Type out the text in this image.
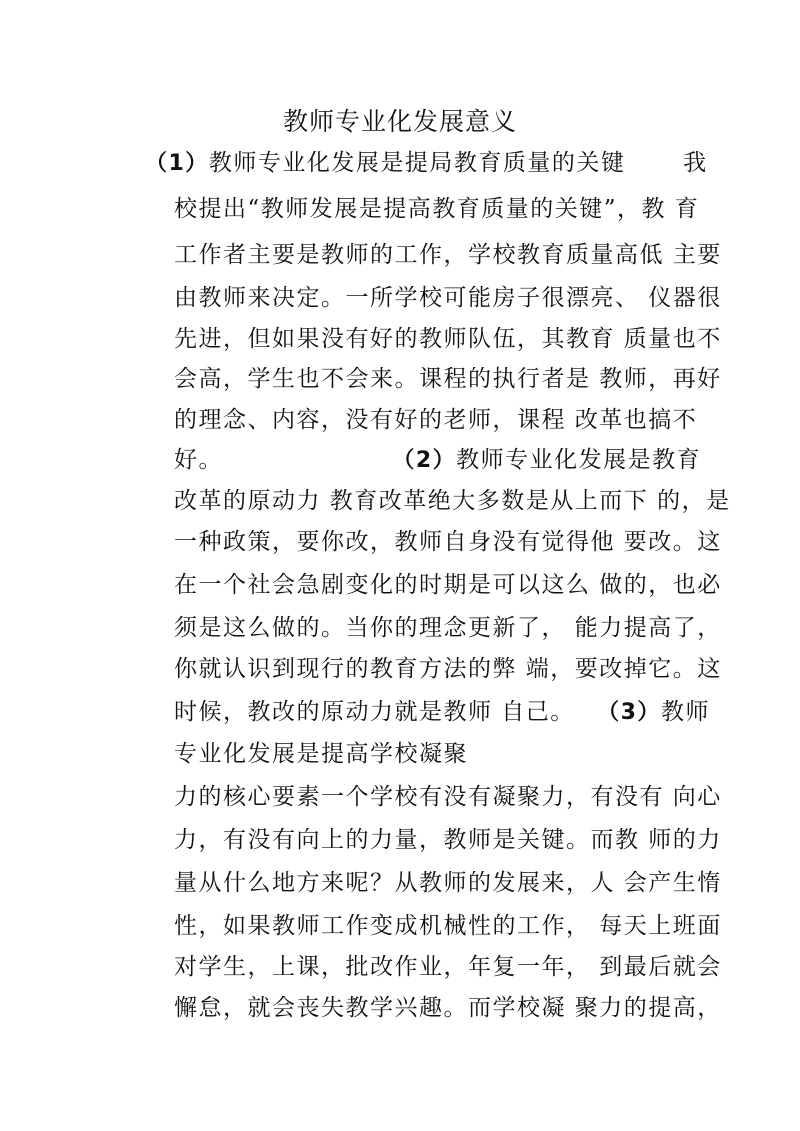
教师专业化发展意义
（1）教师专业化发展是提局教育质量的关键 　　我
校提出“教师发展是提高教育质量的关键”，教 育
工作者主要是教师的工作，学校教育质量高低 主要
由教师来决定。一所学校可能房子很漂亮、 仪器很
先进，但如果没有好的教师队伍，其教育 质量也不
会高，学生也不会来。课程的执行者是 教师，再好
的理念、内容，没有好的老师，课程 改革也搞不
好。 　　　　　　　（2）教师专业化发展是教育
改革的原动力 教育改革绝大多数是从上而下 的，是
一种政策，要你改，教师自身没有觉得他 要改。这
在一个社会急剧变化的时期是可以这么 做的，也必
须是这么做的。当你的理念更新了， 能力提高了，
你就认识到现行的教育方法的弊 端，要改掉它。这
时候，教改的原动力就是教师 自己。 　（3）教师
专业化发展是提高学校凝聚
力的核心要素一个学校有没有凝聚力，有没有 向心
力，有没有向上的力量，教师是关键。而教 师的力
量从什么地方来呢？从教师的发展来，人 会产生惰
性，如果教师工作变成机械性的工作， 每天上班面
对学生，上课，批改作业，年复一年， 到最后就会
懈怠，就会丧失教学兴趣。而学校凝 聚力的提高，
